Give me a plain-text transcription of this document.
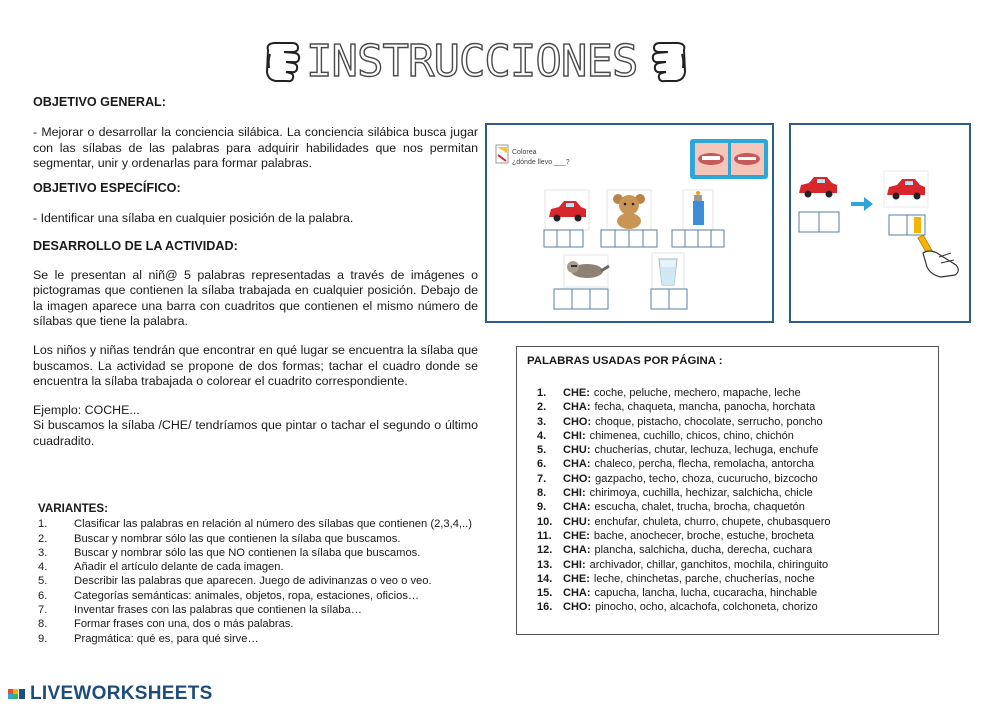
INSTRUCCIONES
OBJETIVO GENERAL:

- Mejorar o desarrollar la conciencia silábica. La conciencia silábica busca jugar con las sílabas de las palabras para adquirir habilidades que nos permitan segmentar, unir y ordenarlas para formar palabras.

OBJETIVO ESPECÍFICO:

- Identificar una sílaba en cualquier posición de la palabra.

DESARROLLO DE LA ACTIVIDAD:

Se le presentan al niñ@ 5 palabras representadas a través de imágenes o pictogramas que contienen la sílaba trabajada en cualquier posición. Debajo de la imagen aparece una barra con cuadritos que contienen el mismo número de sílabas que tiene la palabra.

Los niños y niñas tendrán que encontrar en qué lugar se encuentra la sílaba que buscamos. La actividad se propone de dos formas; tachar el cuadro donde se encuentra la sílaba trabajada o colorear el cuadrito correspondiente.

Ejemplo: COCHE...

Si buscamos la sílaba /CHE/ tendríamos que pintar o tachar el segundo o último cuadradito.

VARIANTES:
1.	Clasificar las palabras en relación al número des sílabas que contienen (2,3,4,..)
2.	Buscar y nombrar sólo las que contienen la sílaba que buscamos.
3.	Buscar y nombrar sólo las que NO contienen la sílaba que buscamos.
4.	Añadir el artículo delante de cada imagen.
5.	Describir las palabras que aparecen. Juego de adivinanzas o veo o veo.
6.	Categorías semánticas: animales, objetos, ropa, estaciones, oficios…
7.	Inventar frases con las palabras que contienen la sílaba…
8.	Formar frases con una, dos o más palabras.
9.	Pragmática: qué es, para qué sirve…
Colorea
¿dónde llevo ___?
PALABRAS USADAS POR PÁGINA :
1.	CHE: coche, peluche, mechero, mapache, leche
2.	CHA: fecha, chaqueta, mancha, panocha, horchata
3.	CHO: choque, pistacho, chocolate, serrucho, poncho
4.	CHI: chimenea, cuchillo, chicos, chino, chichón
5.	CHU: chucherías, chutar, lechuza, lechuga, enchufe
6.	CHA: chaleco, percha, flecha, remolacha, antorcha
7.	CHO: gazpacho, techo, choza, cucurucho, bizcocho
8.	CHI: chirimoya, cuchilla, hechizar, salchicha, chicle
9.	CHA: escucha, chalet, trucha, brocha, chaquetón
10. CHU: enchufar, chuleta, churro, chupete, chubasquero
11.	CHE: bache, anochecer, broche, estuche, brocheta
12. CHA: plancha, salchicha, ducha, derecha, cuchara
13. CHI: archivador, chillar, ganchitos, mochila, chiringuito
14. CHE: leche, chinchetas, parche, chucherías, noche
15. CHA: capucha, lancha, lucha, cucaracha, hinchable
16. CHO: pinocho, ocho, alcachofa, colchoneta, chorizo
LIVEWORKSHEETS
